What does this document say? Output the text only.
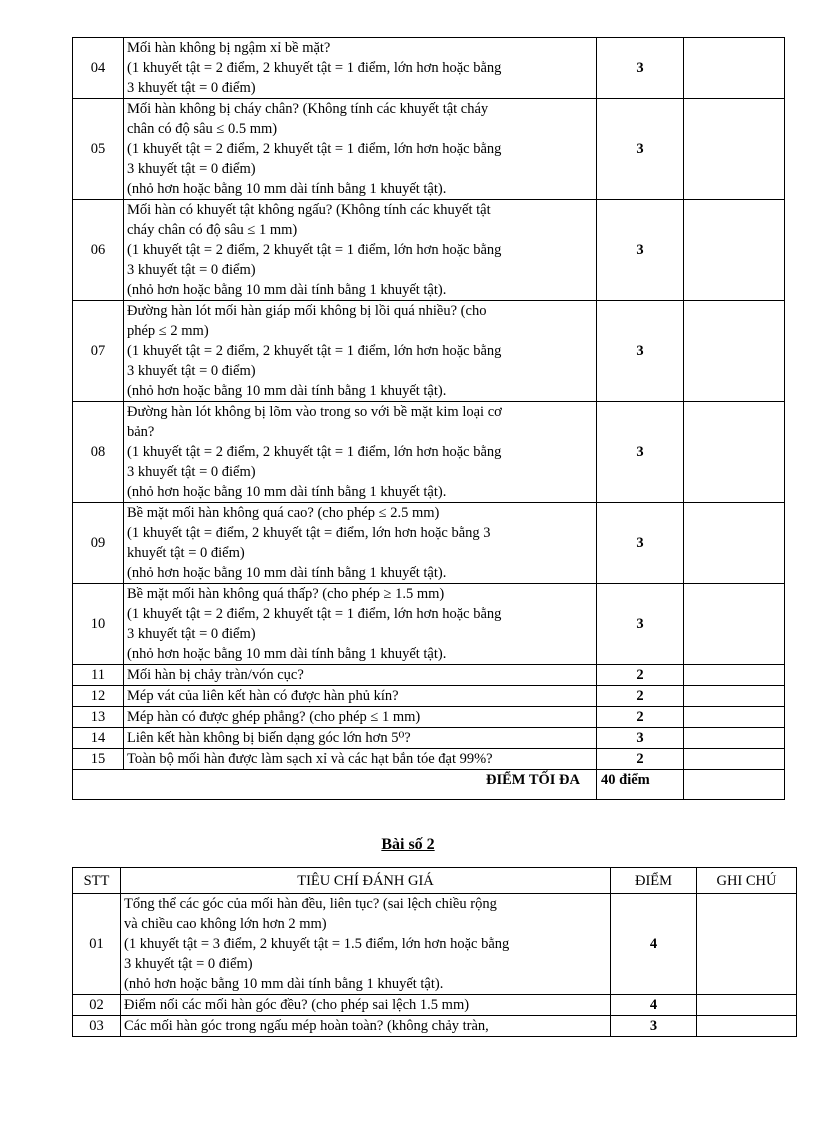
04	Mối hàn không bị ngậm xỉ bề mặt?
(1 khuyết tật = 2 điểm, 2 khuyết tật = 1 điểm, lớn hơn hoặc bằng
3 khuyết tật = 0 điểm)	3	
05	Mối hàn không bị cháy chân? (Không tính các khuyết tật cháy
chân có độ sâu ≤ 0.5 mm)
(1 khuyết tật = 2 điểm, 2 khuyết tật = 1 điểm, lớn hơn hoặc bằng
3 khuyết tật = 0 điểm)
(nhỏ hơn hoặc bằng 10 mm dài tính bằng 1 khuyết tật).	3	
06	Mối hàn có khuyết tật không ngấu? (Không tính các khuyết tật
cháy chân có độ sâu ≤ 1 mm)
(1 khuyết tật = 2 điểm, 2 khuyết tật = 1 điểm, lớn hơn hoặc bằng
3 khuyết tật = 0 điểm)
(nhỏ hơn hoặc bằng 10 mm dài tính bằng 1 khuyết tật).	3	
07	Đường hàn lót mối hàn giáp mối không bị lồi quá nhiều? (cho
phép ≤ 2 mm)
(1 khuyết tật = 2 điểm, 2 khuyết tật = 1 điểm, lớn hơn hoặc bằng
3 khuyết tật = 0 điểm)
(nhỏ hơn hoặc bằng 10 mm dài tính bằng 1 khuyết tật).	3	
08	Đường hàn lót không bị lõm vào trong so với bề mặt kim loại cơ
bản?
(1 khuyết tật = 2 điểm, 2 khuyết tật = 1 điểm, lớn hơn hoặc bằng
3 khuyết tật = 0 điểm)
(nhỏ hơn hoặc bằng 10 mm dài tính bằng 1 khuyết tật).	3	
09	Bề mặt mối hàn không quá cao? (cho phép ≤ 2.5 mm)
(1 khuyết tật = điểm, 2 khuyết tật = điểm, lớn hơn hoặc bằng 3
khuyết tật = 0 điểm)
(nhỏ hơn hoặc bằng 10 mm dài tính bằng 1 khuyết tật).	3	
10	Bề mặt mối hàn không quá thấp? (cho phép ≥ 1.5 mm)
(1 khuyết tật = 2 điểm, 2 khuyết tật = 1 điểm, lớn hơn hoặc bằng
3 khuyết tật = 0 điểm)
(nhỏ hơn hoặc bằng 10 mm dài tính bằng 1 khuyết tật).	3	
11	Mối hàn bị chảy tràn/vón cục?	2	
12	Mép vát của liên kết hàn có được hàn phủ kín?	2	
13	Mép hàn có được ghép phẳng? (cho phép ≤ 1 mm)	2	
14	Liên kết hàn không bị biến dạng góc lớn hơn 5⁰?	3	
15	Toàn bộ mối hàn được làm sạch xỉ và các hạt bắn tóe đạt 99%?	2	
ĐIỂM TỐI ĐA		40 điểm	
Bài số 2
STT	TIÊU CHÍ ĐÁNH GIÁ	ĐIỂM	GHI CHÚ
01	Tổng thể các góc của mối hàn đều, liên tục? (sai lệch chiều rộng
và chiều cao không lớn hơn 2 mm)
(1 khuyết tật = 3 điểm, 2 khuyết tật = 1.5 điểm, lớn hơn hoặc bằng
3 khuyết tật = 0 điểm)
(nhỏ hơn hoặc bằng 10 mm dài tính bằng 1 khuyết tật).	4	
02	Điểm nối các mối hàn góc đều? (cho phép sai lệch 1.5 mm)	4	
03	Các mối hàn góc trong ngấu mép hoàn toàn? (không chảy tràn,	3	
